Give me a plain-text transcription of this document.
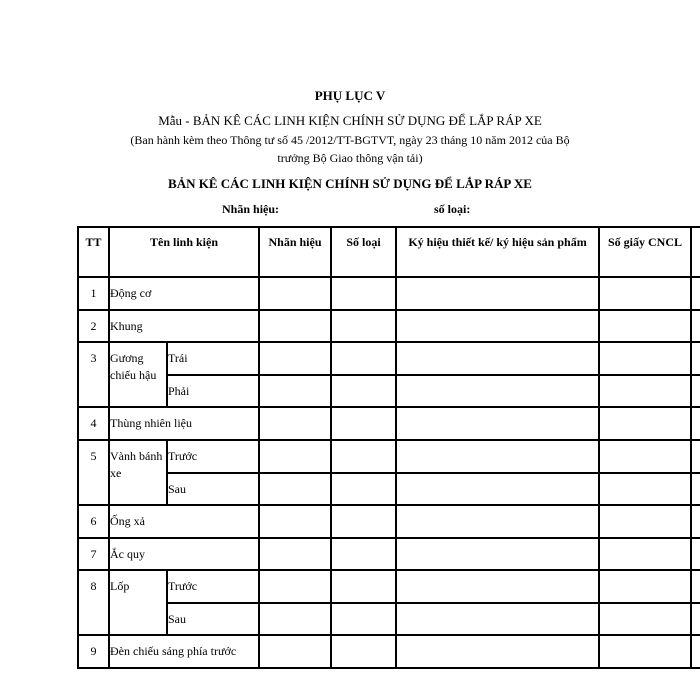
PHỤ LỤC V
Mẫu - BẢN KÊ CÁC LINH KIỆN CHÍNH SỬ DỤNG ĐỂ LẮP RÁP XE
(Ban hành kèm theo Thông tư số 45 /2012/TT-BGTVT, ngày 23 tháng 10 năm 2012 của Bộ
trưởng Bộ Giao thông vận tải)
BẢN KÊ CÁC LINH KIỆN CHÍNH SỬ DỤNG ĐỂ LẮP RÁP XE
Nhãn hiệu:	số loại:
TT	Tên linh kiện		Nhãn hiệu	Số loại	Ký hiệu thiết kế/ ký hiệu sản phẩm	Số giấy CNCL	
1	Động cơ						
2	Khung						
3	Gương chiếu hậu	Trái					
		Phải					
4	Thùng nhiên liệu						
5	Vành bánh xe	Trước					
		Sau					
6	Ống xả						
7	Ắc quy						
8	Lốp	Trước					
		Sau					
9	Đèn chiếu sáng phía trước						
